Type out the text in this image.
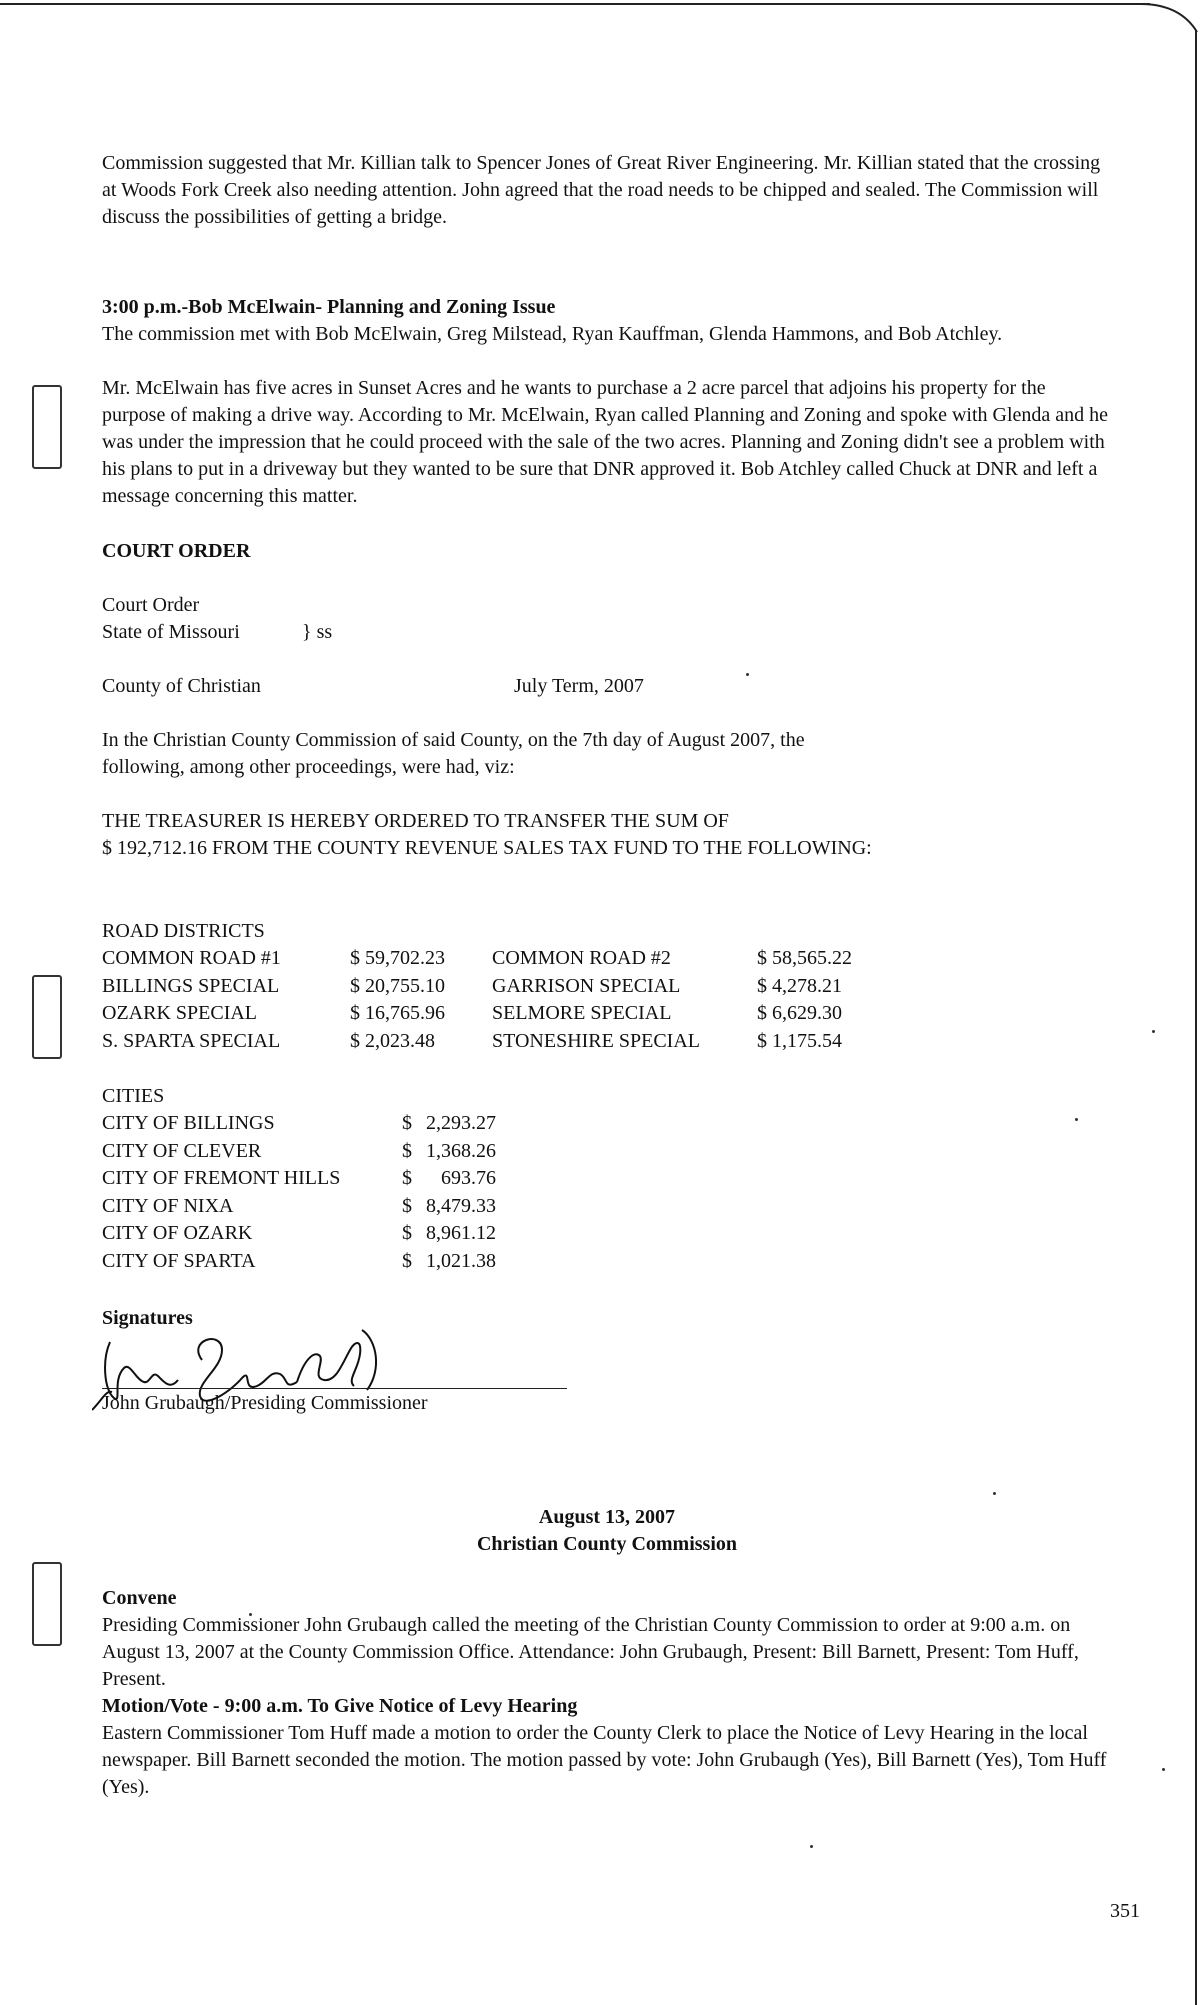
Commission suggested that Mr. Killian talk to Spencer Jones of Great River Engineering. Mr. Killian stated that the crossing at Woods Fork Creek also needing attention. John agreed that the road needs to be chipped and sealed. The Commission will discuss the possibilities of getting a bridge.

3:00 p.m.-Bob McElwain- Planning and Zoning Issue

The commission met with Bob McElwain, Greg Milstead, Ryan Kauffman, Glenda Hammons, and Bob Atchley.

Mr. McElwain has five acres in Sunset Acres and he wants to purchase a 2 acre parcel that adjoins his property for the purpose of making a drive way. According to Mr. McElwain, Ryan called Planning and Zoning and spoke with Glenda and he was under the impression that he could proceed with the sale of the two acres. Planning and Zoning didn't see a problem with his plans to put in a driveway but they wanted to be sure that DNR approved it. Bob Atchley called Chuck at DNR and left a message concerning this matter.

COURT ORDER

Court Order

State of Missouri	} ss
County of Christian	July Term, 2007

In the Christian County Commission of said County, on the 7th day of August 2007, the following, among other proceedings, were had, viz:

THE TREASURER IS HEREBY ORDERED TO TRANSFER THE SUM OF

$ 192,712.16 FROM THE COUNTY REVENUE SALES TAX FUND TO THE FOLLOWING:

ROAD DISTRICTS

COMMON ROAD #1	$ 59,702.23	COMMON ROAD #2	$ 58,565.22
BILLINGS SPECIAL	$ 20,755.10	GARRISON SPECIAL	$ 4,278.21
OZARK SPECIAL	$ 16,765.96	SELMORE SPECIAL	$ 6,629.30
S. SPARTA SPECIAL	$ 2,023.48	STONESHIRE SPECIAL	$ 1,175.54

CITIES

CITY OF BILLINGS	$	2,293.27
CITY OF CLEVER	$	1,368.26
CITY OF FREMONT HILLS	$	693.76
CITY OF NIXA	$	8,479.33
CITY OF OZARK	$	8,961.12
CITY OF SPARTA	$	1,021.38

Signatures

John Grubaugh/Presiding Commissioner

August 13, 2007

Christian County Commission

Convene

Presiding Commissioner John Grubaugh called the meeting of the Christian County Commission to order at 9:00 a.m. on August 13, 2007 at the County Commission Office. Attendance: John Grubaugh, Present: Bill Barnett, Present: Tom Huff, Present.

Motion/Vote - 9:00 a.m. To Give Notice of Levy Hearing

Eastern Commissioner Tom Huff made a motion to order the County Clerk to place the Notice of Levy Hearing in the local newspaper. Bill Barnett seconded the motion. The motion passed by vote: John Grubaugh (Yes), Bill Barnett (Yes), Tom Huff (Yes).

351
